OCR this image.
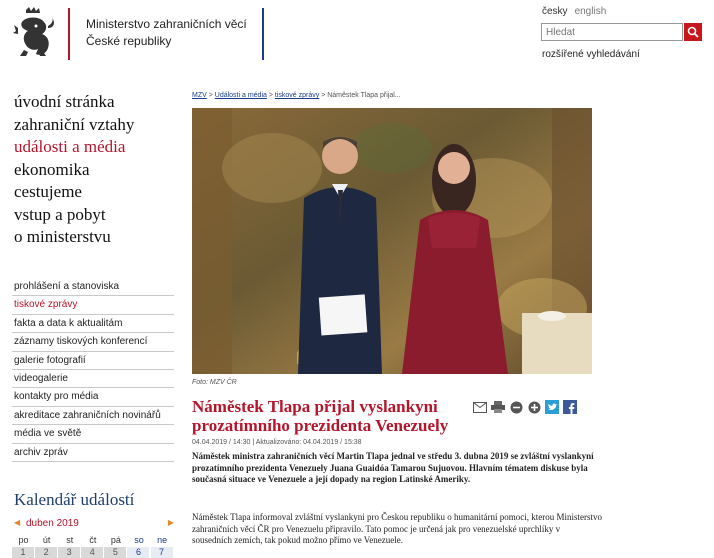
Ministerstvo zahraničních věcí
České republiky
česky english
Hledat
rozšířené vyhledávání
úvodní stránka
zahraniční vztahy
události a média
ekonomika
cestujeme
vstup a pobyt
o ministerstvu
prohlášení a stanoviska
tiskové zprávy
fakta a data k aktualitám
záznamy tiskových konferencí
galerie fotografií
videogalerie
kontakty pro média
akreditace zahraničních novinářů
média ve světě
archiv zpráv
Kalendář událostí
◀ duben 2019	▶
po	út	st	čt	pá	so	ne
1	2	3	4	5	6	7
MZV > Události a média > tiskové zprávy > Náměstek Tlapa přijal...
Foto: MZV ČR
Náměstek Tlapa přijal vyslankyni prozatímního prezidenta Venezuely
04.04.2019 / 14:30 | Aktualizováno: 04.04.2019 / 15:38

Náměstek ministra zahraničních věcí Martin Tlapa jednal ve středu 3. dubna 2019 se zvláštní vyslankyní prozatímního prezidenta Venezuely Juana Guaidóa Tamarou Sujuovou. Hlavním tématem diskuse byla současná situace ve Venezuele a její dopady na region Latinské Ameriky.

Náměstek Tlapa informoval zvláštní vyslankyni pro Českou republiku o humanitární pomoci, kterou Ministerstvo zahraničních věcí ČR pro Venezuelu připravilo. Tato pomoc je určená jak pro venezuelské uprchlíky v sousedních zemích, tak pokud možno přímo ve Venezuele.
